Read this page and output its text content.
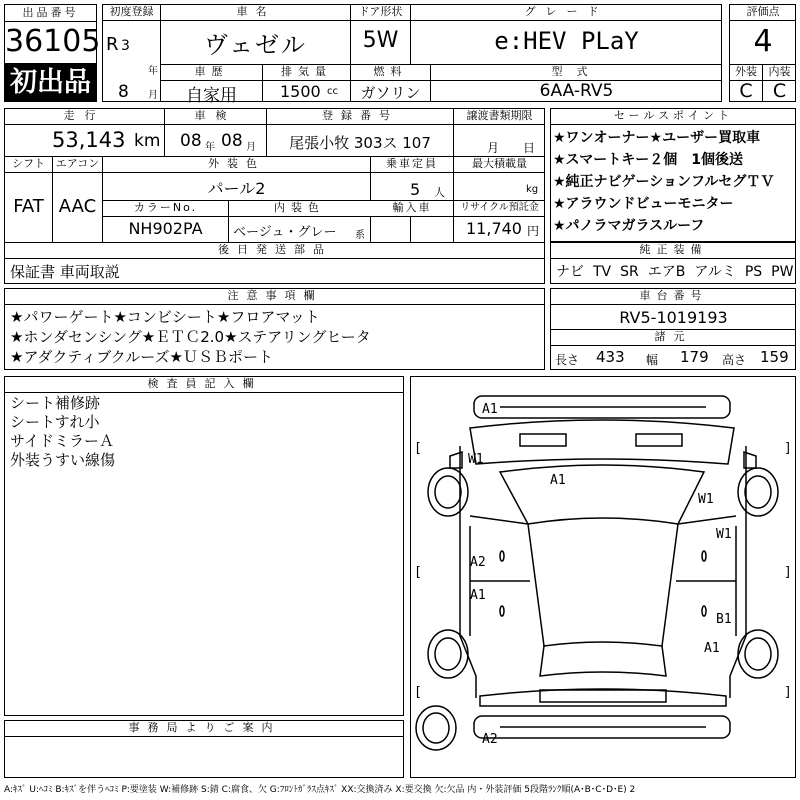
出品番号
36105
初出品
初度登録
R 3
年
8 月
車名
ヴェゼル
ドア形状
5W
グレード
e:HEV PLaY
車歴
自家用
排気量
1500 cc
燃料
ガソリン
型式
6AA-RV5
評価点
4
外装	内装
C	C
走行
53,143 km
車検
08 年 08 月
登録番号
尾張小牧 303ス 107
譲渡書類期限
月 日
シフト
FAT
エアコン
AAC
外装色
パール2
乗車定員
5 人
最大積載量
kg
カラーNo.
NH902PA
内装色
ベージュ・グレー 系
輸入車	リサイクル預託金
11,740 円
後日発送部品
保証書 車両取説
セールスポイント
★ワンオーナー★ユーザー買取車
★スマートキー２個　1個後送
★純正ナビゲーションフルセグＴＶ
★アラウンドビューモニター
★パノラマガラスルーフ
純正装備
ナビ TV SR エアB アルミ PS PW
注意事項欄
★パワーゲート★コンビシート★フロアマット
★ホンダセンシング★ＥＴＣ2.0★ステアリングヒータ
★アダクティブクルーズ★ＵＳＢポート
車台番号
RV5-1019193
諸元
長さ 433 幅 179 高さ 159
検査員記入欄
シート補修跡
シートすれ小
サイドミラーＡ
外装うすい線傷
事務局よりご案内
A1
W1
A1
W1
W1
A2
A1
B1
A1
A2
[	]
[	]
[	]
A:ｷｽﾞ U:ﾍｺﾐ B:ｷｽﾞを伴うﾍｺﾐ P:要塗装 W:補修跡 S:錆 C:腐食、欠 G:ﾌﾛﾝﾄｶﾞﾗｽ点ｷｽﾞ XX:交換済み X:要交換 欠:欠品 内・外装評価 5段階ﾗﾝｸ順(A･B･C･D･E) 2
